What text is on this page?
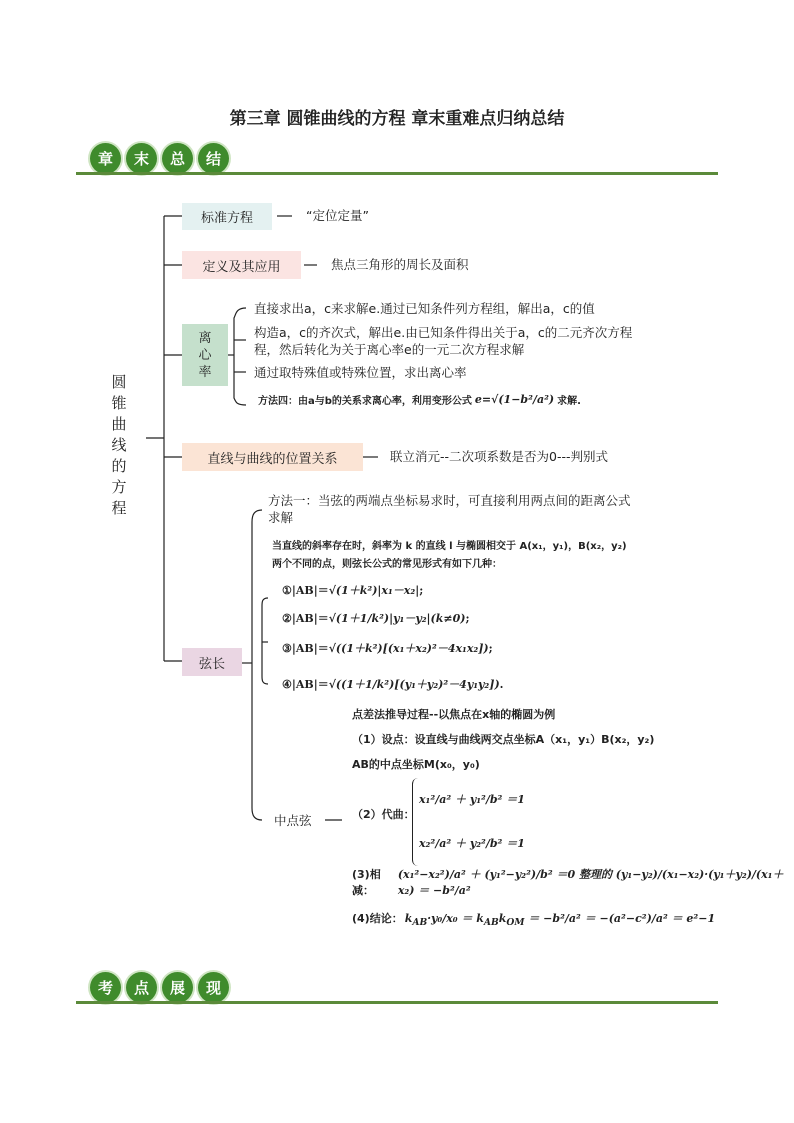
第三章 圆锥曲线的方程 章末重难点归纳总结
章	末	总	结
圆
锥
曲
线
的
方
程
标准方程	“定位定量”
定义及其应用	焦点三角形的周长及面积
离
心
率
直接求出a，c来求解e.通过已知条件列方程组，解出a，c的值
构造a，c的齐次式，解出e.由已知条件得出关于a，c的二元齐次方程
程，然后转化为关于离心率e的一元二次方程求解
通过取特殊值或特殊位置，求出离心率
方法四：由a与b的关系求离心率，利用变形公式 e=√(1−b²/a²) 求解.
直线与曲线的位置关系	联立消元--二次项系数是否为0---判别式
弦长
方法一：当弦的两端点坐标易求时，可直接利用两点间的距离公式
求解
当直线的斜率存在时，斜率为 k 的直线 l 与椭圆相交于 A(x₁，y₁)，B(x₂，y₂)
两个不同的点，则弦长公式的常见形式有如下几种：
①|AB|＝√(1＋k²)|x₁－x₂|;
②|AB|＝√(1＋1/k²)|y₁－y₂|(k≠0);
③|AB|＝√((1＋k²)[(x₁＋x₂)²－4x₁x₂]);
④|AB|＝√((1＋1/k²)[(y₁＋y₂)²－4y₁y₂]).
中点弦
点差法推导过程--以焦点在x轴的椭圆为例
（1）设点：设直线与曲线两交点坐标A（x₁，y₁）B(x₂，y₂)
AB的中点坐标M(x₀，y₀)
（2）代曲：
x₁²/a² ＋ y₁²/b² ＝1
x₂²/a² ＋ y₂²/b² ＝1
(3)相减：
(x₁²−x₂²)/a² ＋ (y₁²−y₂²)/b² ＝0 整理的 (y₁−y₂)/(x₁−x₂)·(y₁＋y₂)/(x₁＋x₂) ＝ −b²/a²
(4)结论： $k_{AB}\cdot y_0/x_0 = k_{AB}k_{OM} = -b^2/a^2 = -(a^2-c^2)/a^2 = e^2-1$
考	点	展	现
